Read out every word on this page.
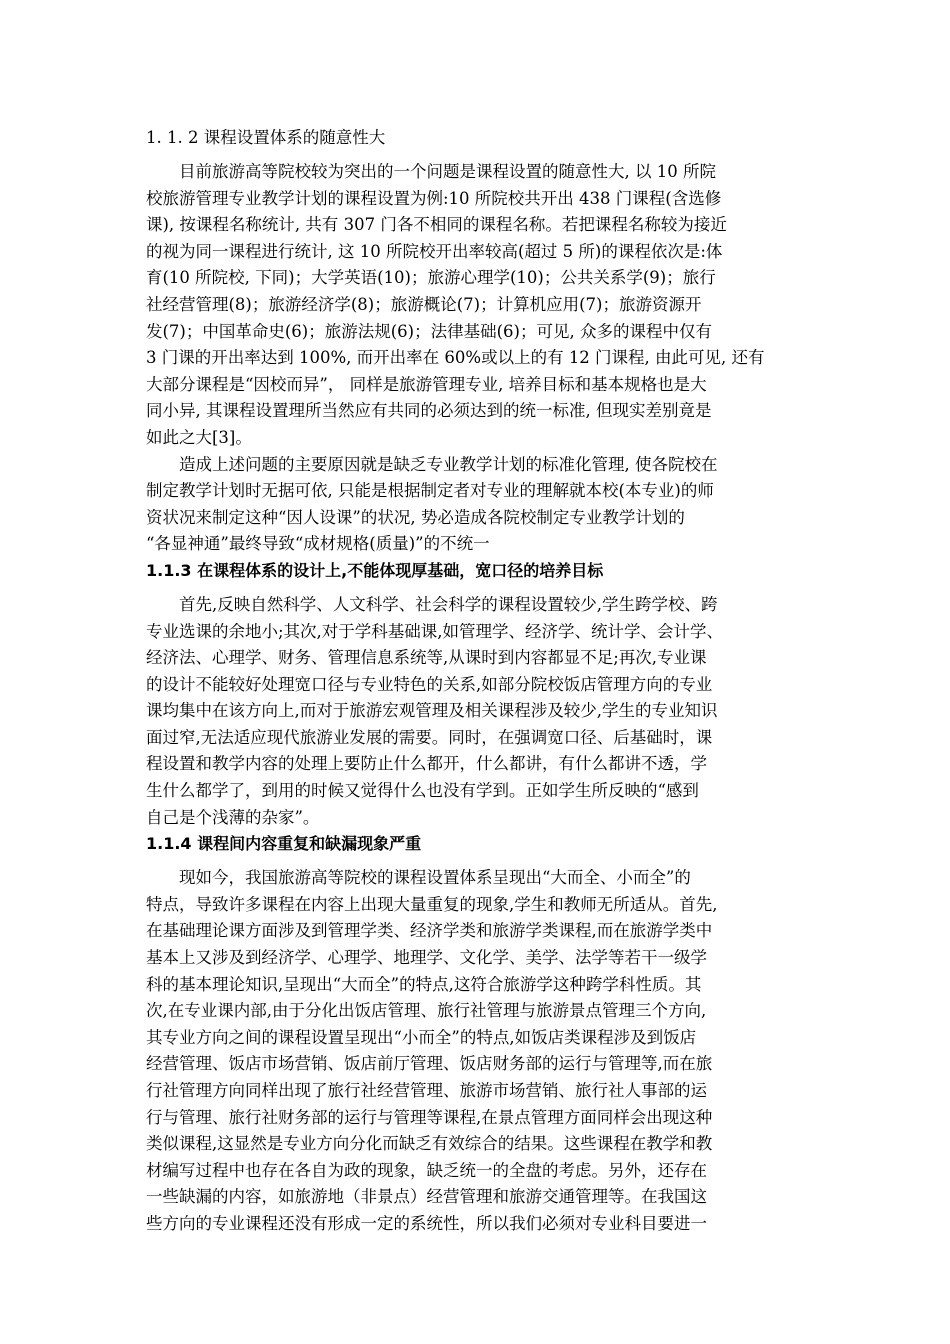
1. 1. 2 课程设置体系的随意性大
目前旅游高等院校较为突出的一个问题是课程设置的随意性大, 以 10 所院
校旅游管理专业教学计划的课程设置为例:10 所院校共开出 438 门课程(含选修
课), 按课程名称统计, 共有 307 门各不相同的课程名称。若把课程名称较为接近
的视为同一课程进行统计, 这 10 所院校开出率较高(超过 5 所)的课程依次是:体
育(10 所院校, 下同)；大学英语(10)；旅游心理学(10)；公共关系学(9)；旅行
社经营管理(8)；旅游经济学(8)；旅游概论(7)；计算机应用(7)；旅游资源开
发(7)；中国革命史(6)；旅游法规(6)；法律基础(6)；可见, 众多的课程中仅有
3 门课的开出率达到 100%, 而开出率在 60%或以上的有 12 门课程, 由此可见, 还有
大部分课程是“因校而异”， 同样是旅游管理专业, 培养目标和基本规格也是大
同小异, 其课程设置理所当然应有共同的必须达到的统一标准, 但现实差别竟是
如此之大[3]。
造成上述问题的主要原因就是缺乏专业教学计划的标准化管理, 使各院校在
制定教学计划时无据可依, 只能是根据制定者对专业的理解就本校(本专业)的师
资状况来制定这种“因人设课”的状况, 势必造成各院校制定专业教学计划的
“各显神通”最终导致“成材规格(质量)”的不统一
1.1.3 在课程体系的设计上,不能体现厚基础，宽口径的培养目标
首先,反映自然科学、人文科学、社会科学的课程设置较少,学生跨学校、跨
专业选课的余地小;其次,对于学科基础课,如管理学、经济学、统计学、会计学、
经济法、心理学、财务、管理信息系统等,从课时到内容都显不足;再次,专业课
的设计不能较好处理宽口径与专业特色的关系,如部分院校饭店管理方向的专业
课均集中在该方向上,而对于旅游宏观管理及相关课程涉及较少,学生的专业知识
面过窄,无法适应现代旅游业发展的需要。同时，在强调宽口径、后基础时，课
程设置和教学内容的处理上要防止什么都开，什么都讲，有什么都讲不透，学
生什么都学了，到用的时候又觉得什么也没有学到。正如学生所反映的“感到
自己是个浅薄的杂家”。
1.1.4 课程间内容重复和缺漏现象严重
现如今，我国旅游高等院校的课程设置体系呈现出“大而全、小而全”的
特点，导致许多课程在内容上出现大量重复的现象,学生和教师无所适从。首先,
在基础理论课方面涉及到管理学类、经济学类和旅游学类课程,而在旅游学类中
基本上又涉及到经济学、心理学、地理学、文化学、美学、法学等若干一级学
科的基本理论知识,呈现出“大而全”的特点,这符合旅游学这种跨学科性质。其
次,在专业课内部,由于分化出饭店管理、旅行社管理与旅游景点管理三个方向,
其专业方向之间的课程设置呈现出“小而全”的特点,如饭店类课程涉及到饭店
经营管理、饭店市场营销、饭店前厅管理、饭店财务部的运行与管理等,而在旅
行社管理方向同样出现了旅行社经营管理、旅游市场营销、旅行社人事部的运
行与管理、旅行社财务部的运行与管理等课程,在景点管理方面同样会出现这种
类似课程,这显然是专业方向分化而缺乏有效综合的结果。这些课程在教学和教
材编写过程中也存在各自为政的现象，缺乏统一的全盘的考虑。另外，还存在
一些缺漏的内容，如旅游地（非景点）经营管理和旅游交通管理等。在我国这
些方向的专业课程还没有形成一定的系统性，所以我们必须对专业科目要进一
